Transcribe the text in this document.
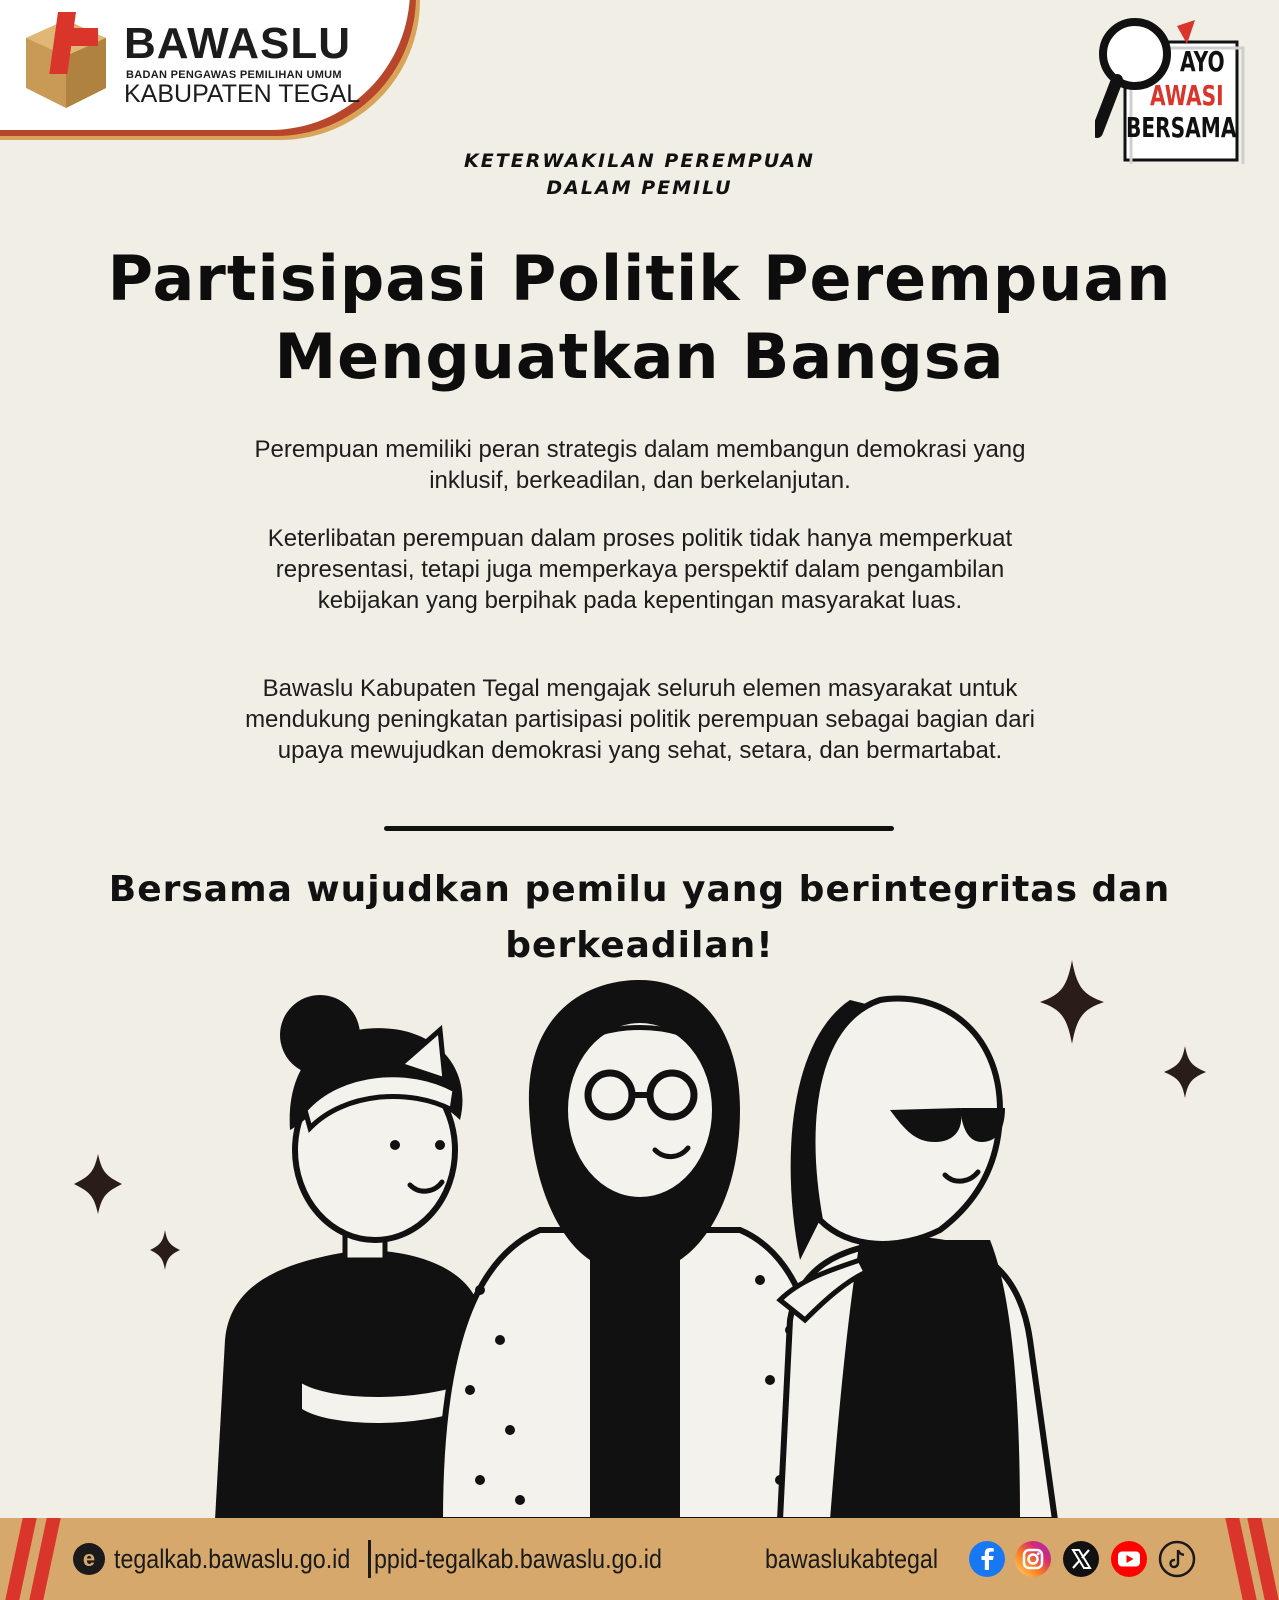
BAWASLU
BADAN PENGAWAS PEMILIHAN UMUM
KABUPATEN TEGAL
AYO
AWASI
BERSAMA
KETERWAKILAN PEREMPUAN
DALAM PEMILU
Partisipasi Politik Perempuan
Menguatkan Bangsa
Perempuan memiliki peran strategis dalam membangun demokrasi yang inklusif, berkeadilan, dan berkelanjutan.
Keterlibatan perempuan dalam proses politik tidak hanya memperkuat representasi, tetapi juga memperkaya perspektif dalam pengambilan kebijakan yang berpihak pada kepentingan masyarakat luas.
Bawaslu Kabupaten Tegal mengajak seluruh elemen masyarakat untuk mendukung peningkatan partisipasi politik perempuan sebagai bagian dari upaya mewujudkan demokrasi yang sehat, setara, dan bermartabat.
Bersama wujudkan pemilu yang berintegritas dan
berkeadilan!
e tegalkab.bawaslu.go.id ppid-tegalkab.bawaslu.go.id	bawaslukabtegal
